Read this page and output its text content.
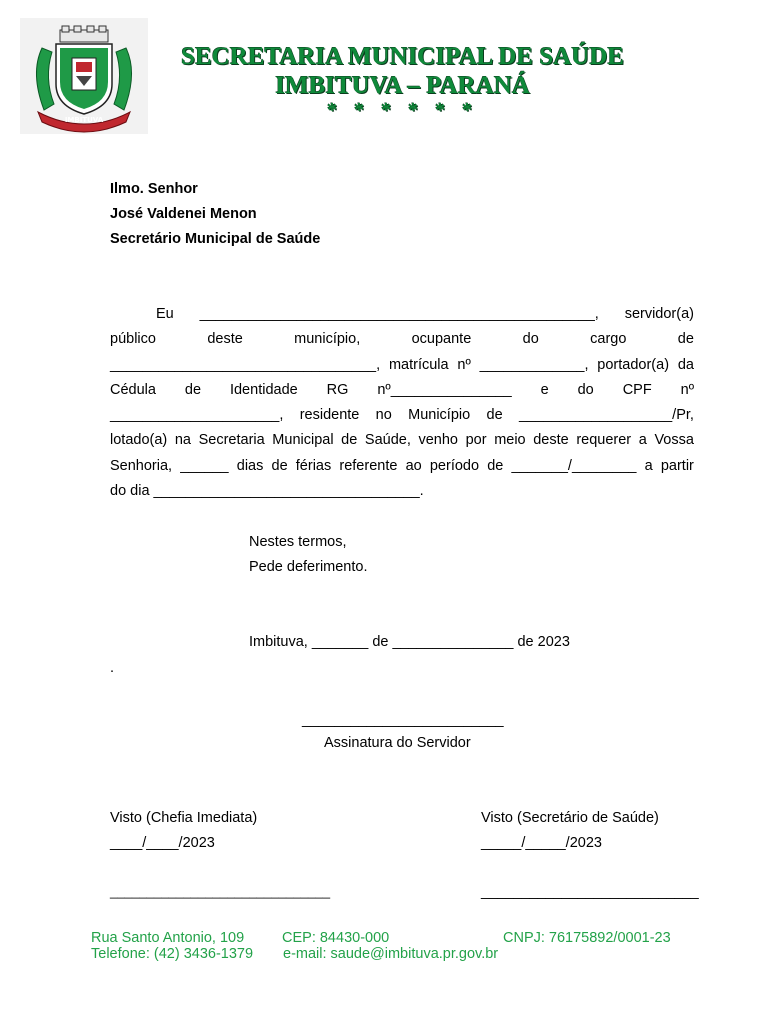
IMBITUVA
SECRETARIA MUNICIPAL DE SAÚDE
IMBITUVA – PARANÁ
* * * * * *
Ilmo. Senhor
José Valdenei Menon
Secretário Municipal de Saúde
Eu _________________________________________________, servidor(a)
público	deste	município,	ocupante	do	cargo	de
_________________________________, matrícula nº _____________, portador(a) da
Cédula de Identidade RG nº_______________ e do CPF nº
_____________________, residente no Município de ___________________/Pr,
lotado(a) na Secretaria Municipal de Saúde, venho por meio deste requerer a Vossa
Senhoria, ______ dias de férias referente ao período de _______/________ a partir
do dia _________________________________.
Nestes termos,
Pede deferimento.
Imbituva, _______ de _______________ de 2023
.
_________________________
Assinatura do Servidor
Visto (Chefia Imediata)
____/____/2023
______________________________
Visto (Secretário de Saúde)
_____/_____/2023
___________________________
Rua Santo Antonio, 109	CEP: 84430-000	CNPJ: 76175892/0001-23
Telefone: (42) 3436-1379 e-mail: saude@imbituva.pr.gov.br
